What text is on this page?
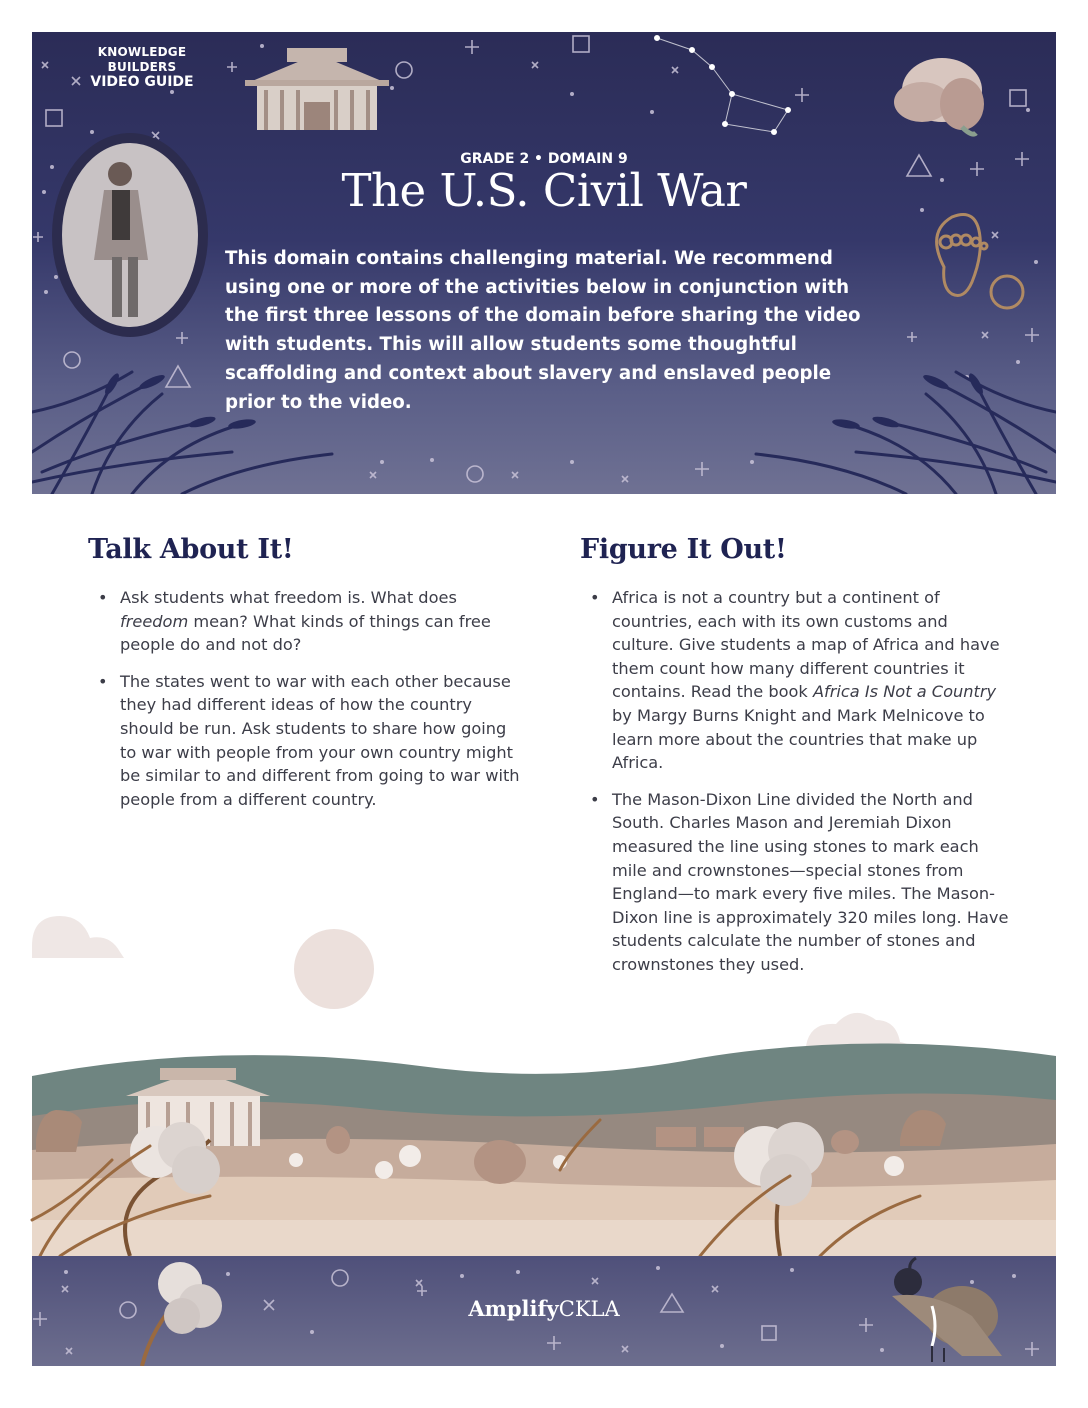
KNOWLEDGE BUILDERS
VIDEO GUIDE
GRADE 2 • DOMAIN 9
The U.S. Civil War
This domain contains challenging material. We recommend using one or more of the activities below in conjunction with the first three lessons of the domain before sharing the video with students. This will allow students some thoughtful scaffolding and context about slavery and enslaved people prior to the video.
Talk About It!
• Ask students what freedom is. What does freedom mean? What kinds of things can free people do and not do?
• The states went to war with each other because they had different ideas of how the country should be run. Ask students to share how going to war with people from your own country might be similar to and different from going to war with people from a different country.
Figure It Out!
• Africa is not a country but a continent of countries, each with its own customs and culture. Give students a map of Africa and have them count how many different countries it contains. Read the book Africa Is Not a Country by Margy Burns Knight and Mark Melnicove to learn more about the countries that make up Africa.
• The Mason-Dixon Line divided the North and South. Charles Mason and Jeremiah Dixon measured the line using stones to mark each mile and crownstones—special stones from England—to mark every five miles. The Mason-Dixon line is approximately 320 miles long. Have students calculate the number of stones and crownstones they used.
AmplifyCKLA
